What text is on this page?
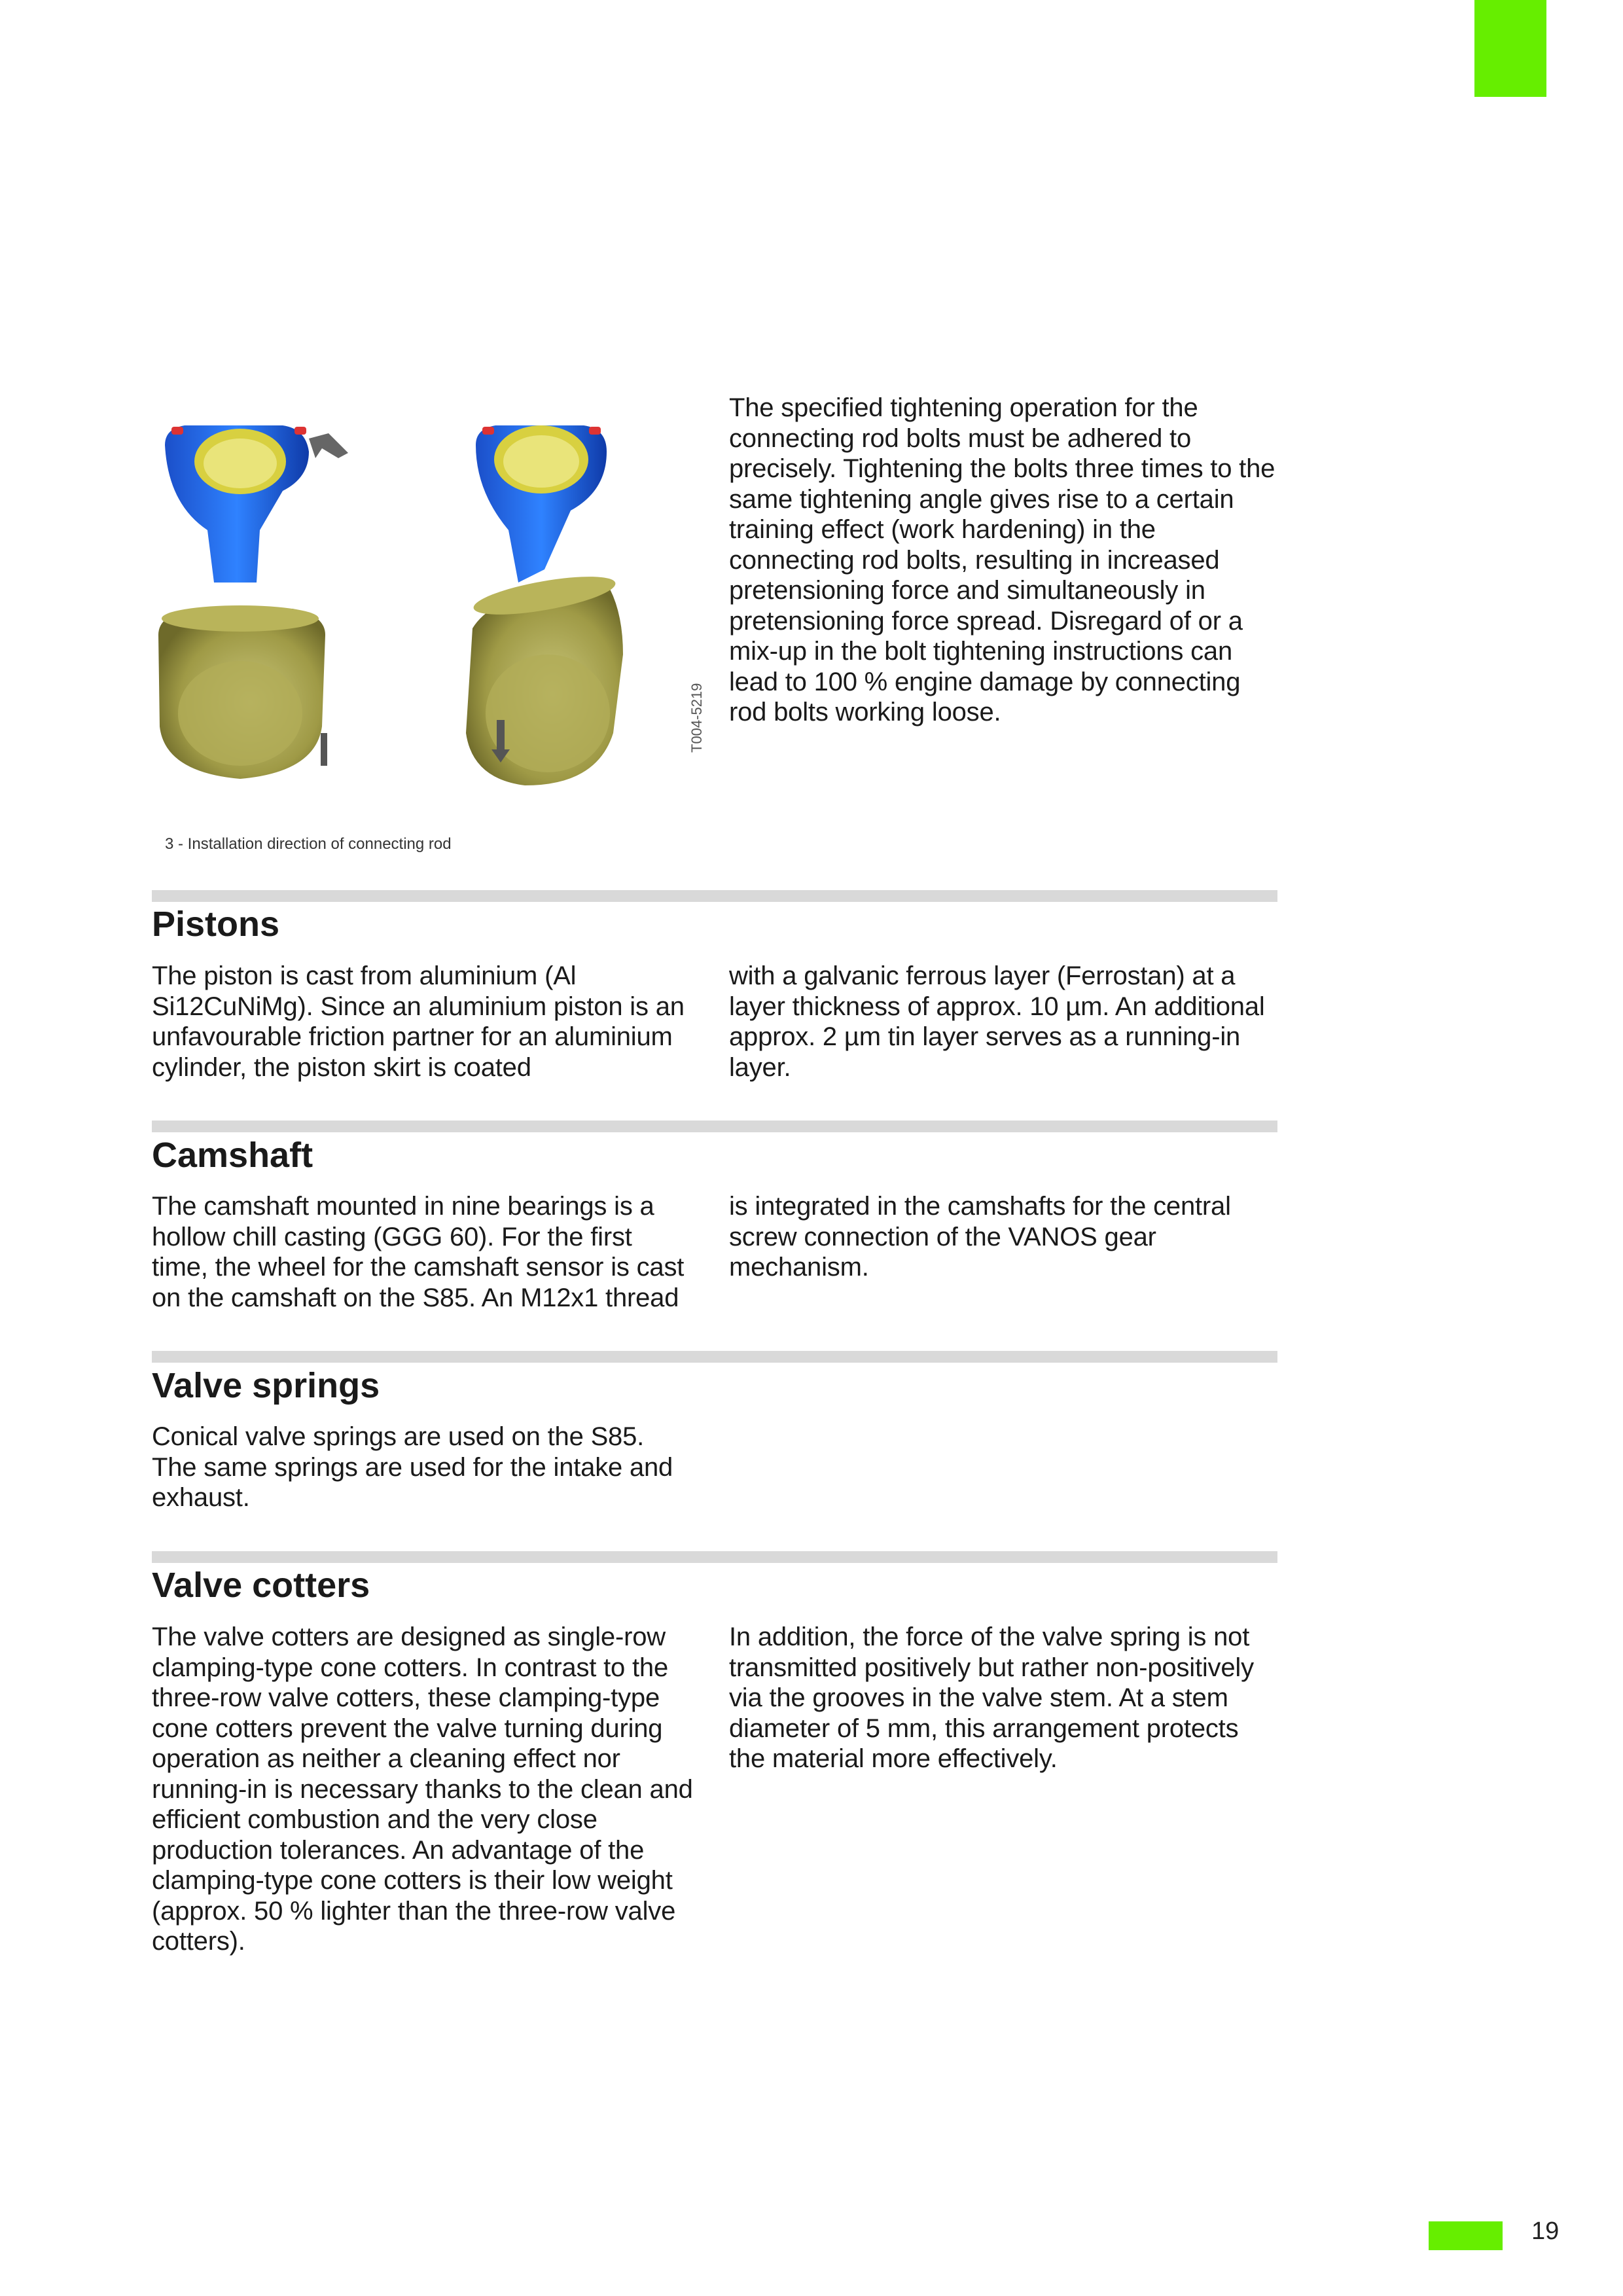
19
T004-5219
3 - Installation direction of connecting rod

The specified tightening operation for the connecting rod bolts must be adhered to precisely. Tightening the bolts three times to the same tightening angle gives rise to a certain training effect (work hardening) in the connecting rod bolts, resulting in increased pretensioning force and simultaneously in pretensioning force spread. Disregard of or a mix-up in the bolt tightening instructions can lead to 100 % engine damage by connecting rod bolts working loose.

Pistons

The piston is cast from aluminium (Al Si12CuNiMg). Since an aluminium piston is an unfavourable friction partner for an aluminium cylinder, the piston skirt is coated

with a galvanic ferrous layer (Ferrostan) at a layer thickness of approx. 10 µm. An additional approx. 2 µm tin layer serves as a running-in layer.

Camshaft

The camshaft mounted in nine bearings is a hollow chill casting (GGG 60). For the first time, the wheel for the camshaft sensor is cast on the camshaft on the S85. An M12x1 thread

is integrated in the camshafts for the central screw connection of the VANOS gear mechanism.

Valve springs

Conical valve springs are used on the S85. The same springs are used for the intake and exhaust.

Valve cotters

The valve cotters are designed as single-row clamping-type cone cotters. In contrast to the three-row valve cotters, these clamping-type cone cotters prevent the valve turning during operation as neither a cleaning effect nor running-in is necessary thanks to the clean and efficient combustion and the very close production tolerances. An advantage of the clamping-type cone cotters is their low weight (approx. 50 % lighter than the three-row valve cotters).

In addition, the force of the valve spring is not transmitted positively but rather non-positively via the grooves in the valve stem. At a stem diameter of 5 mm, this arrangement protects the material more effectively.
